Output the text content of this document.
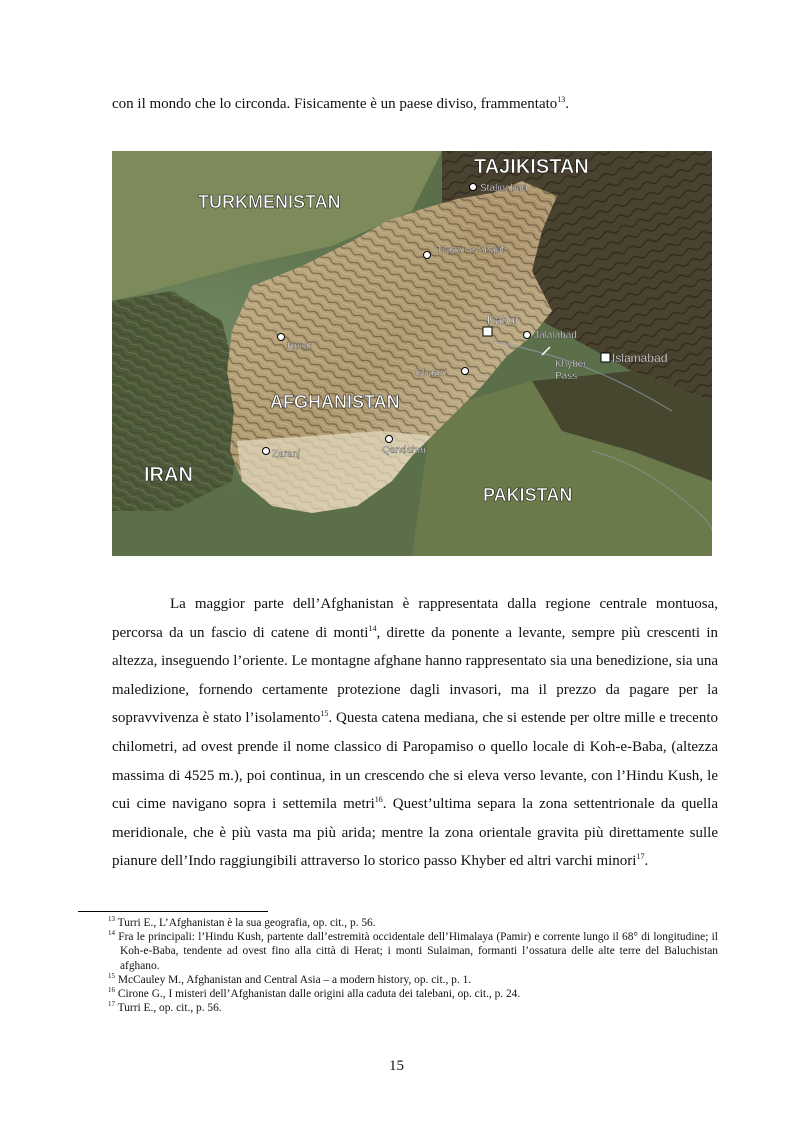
con il mondo che lo circonda. Fisicamente è un paese diviso, frammentato$^{13}$.
TAJIKISTAN
TURKMENISTAN
AFGHANISTAN
IRAN
PAKISTAN
Stalinabad
Mazar-e-Sharif
Herat
Kabul
Jalalabad
Khyber
Pass
Islamabad
Ghazni
Zaranj	Qandahar

La maggior parte dell’Afghanistan è rappresentata dalla regione centrale montuosa, percorsa da un fascio di catene di monti$^{14}$, dirette da ponente a levante, sempre più crescenti in altezza, inseguendo l’oriente. Le montagne afghane hanno rappresentato sia una benedizione, sia una maledizione, fornendo certamente protezione dagli invasori, ma il prezzo da pagare per la sopravvivenza è stato l’isolamento$^{15}$. Questa catena mediana, che si estende per oltre mille e trecento chilometri, ad ovest prende il nome classico di Paropamiso o quello locale di Koh-e-Baba, (altezza massima di 4525 m.), poi continua, in un crescendo che si eleva verso levante, con l’Hindu Kush, le cui cime navigano sopra i settemila metri$^{16}$. Quest’ultima separa la zona settentrionale da quella meridionale, che è più vasta ma più arida; mentre la zona orientale gravita più direttamente sulle pianure dell’Indo raggiungibili attraverso lo storico passo Khyber ed altri varchi minori$^{17}$.

$^{13}$ Turri E., L’Afghanistan è la sua geografia, op. cit., p. 56.

$^{14}$ Fra le principali: l’Hindu Kush, partente dall’estremità occidentale dell’Himalaya (Pamir) e corrente lungo il 68° di longitudine; il Koh-e-Baba, tendente ad ovest fino alla città di Herat; i monti Sulaiman, formanti l’ossatura delle alte terre del Baluchistan afghano.

$^{15}$ McCauley M., Afghanistan and Central Asia – a modern history, op. cit., p. 1.

$^{16}$ Cirone G., I misteri dell’Afghanistan dalle origini alla caduta dei talebani, op. cit., p. 24.

$^{17}$ Turri E., op. cit., p. 56.

15
